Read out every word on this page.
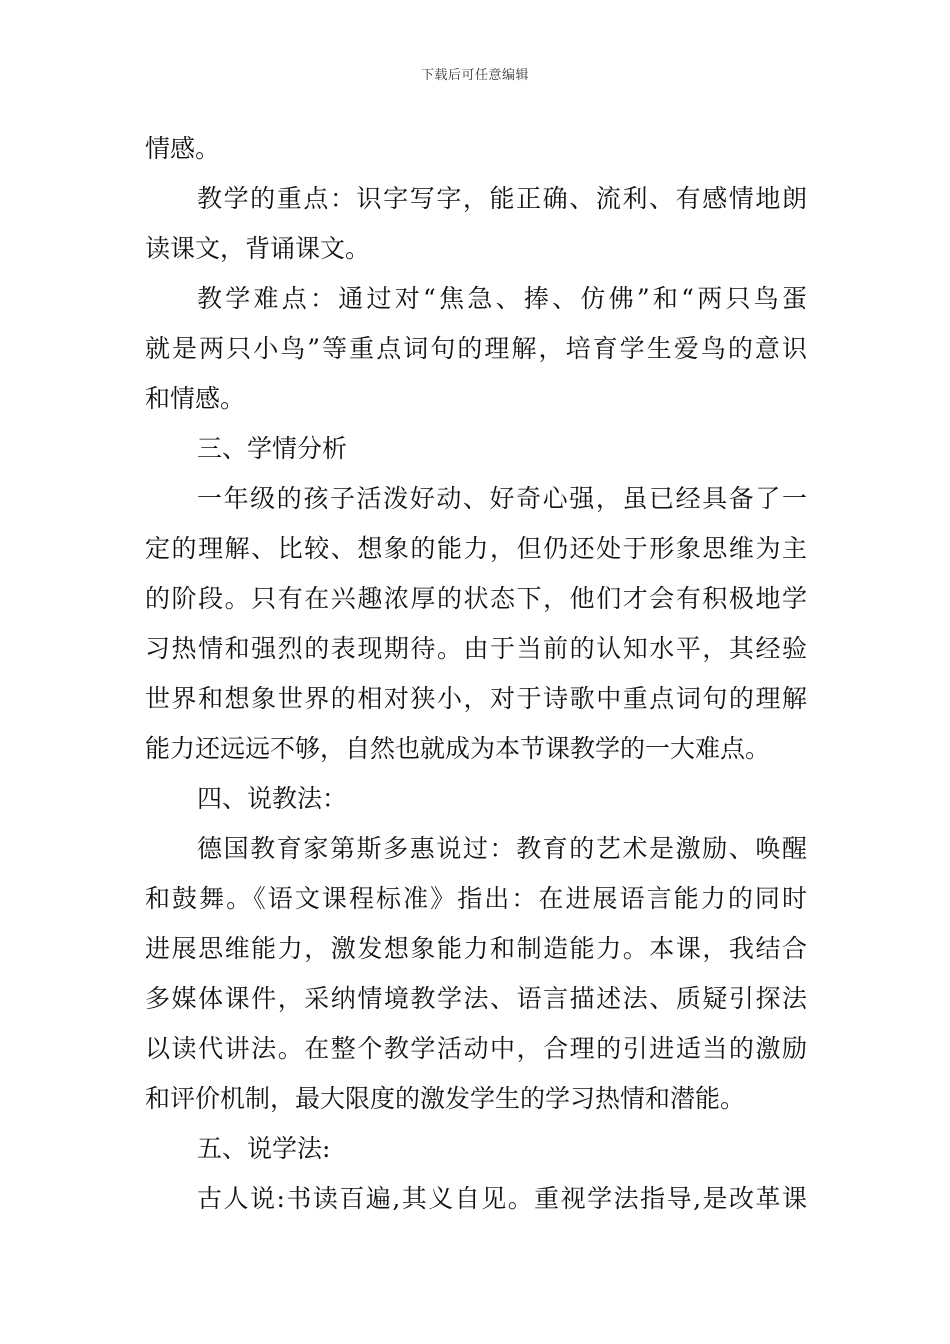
下载后可任意编辑
情感。
教学的重点：识字写字，能正确、流利、有感情地朗
读课文，背诵课文。
教学难点：通过对“焦急、捧、仿佛”和“两只鸟蛋
就是两只小鸟”等重点词句的理解，培育学生爱鸟的意识
和情感。
三、学情分析
一年级的孩子活泼好动、好奇心强，虽已经具备了一
定的理解、比较、想象的能力，但仍还处于形象思维为主
的阶段。只有在兴趣浓厚的状态下，他们才会有积极地学
习热情和强烈的表现期待。由于当前的认知水平，其经验
世界和想象世界的相对狭小，对于诗歌中重点词句的理解
能力还远远不够，自然也就成为本节课教学的一大难点。
四、说教法：
德国教育家第斯多惠说过：教育的艺术是激励、唤醒
和鼓舞。《语文课程标准》指出：在进展语言能力的同时
进展思维能力，激发想象能力和制造能力。本课，我结合
多媒体课件，采纳情境教学法、语言描述法、质疑引探法
以读代讲法。在整个教学活动中，合理的引进适当的激励
和评价机制，最大限度的激发学生的学习热情和潜能。
五、说学法:
古人说:书读百遍,其义自见。重视学法指导,是改革课
